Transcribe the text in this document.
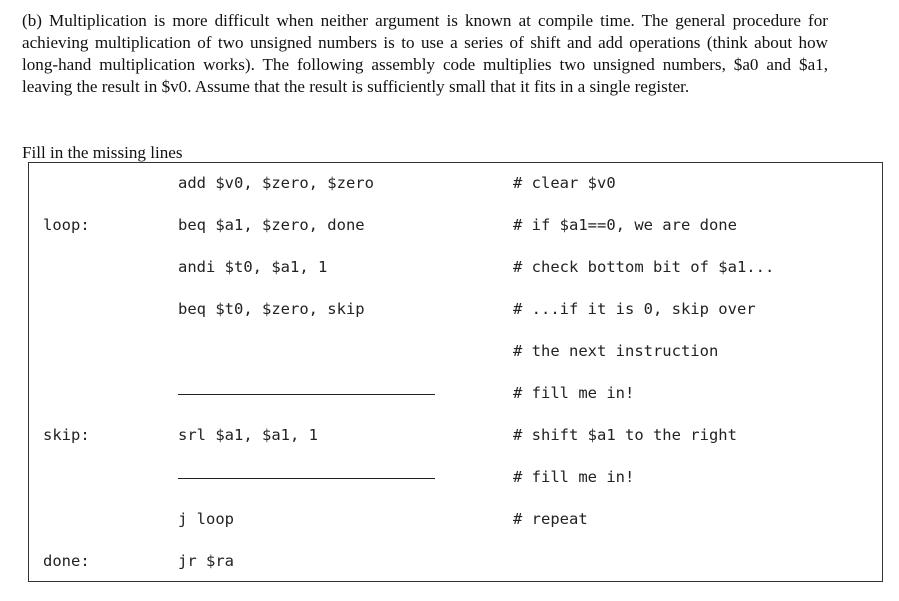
(b) Multiplication is more difficult when neither argument is known at compile time. The general procedure for achieving multiplication of two unsigned numbers is to use a series of shift and add operations (think about how long-hand multiplication works). The following assembly code multiplies two unsigned numbers, $a0 and $a1, leaving the result in $v0. Assume that the result is sufficiently small that it fits in a single register.

Fill in the missing lines

add $v0, $zero, $zero	# clear $v0
loop:	beq $a1, $zero, done	# if $a1==0, we are done
andi $t0, $a1, 1	# check bottom bit of $a1...
beq $t0, $zero, skip	# ...if it is 0, skip over
# the next instruction
# fill me in!
skip:	srl $a1, $a1, 1	# shift $a1 to the right
# fill me in!
j loop	# repeat
done:	jr $ra
